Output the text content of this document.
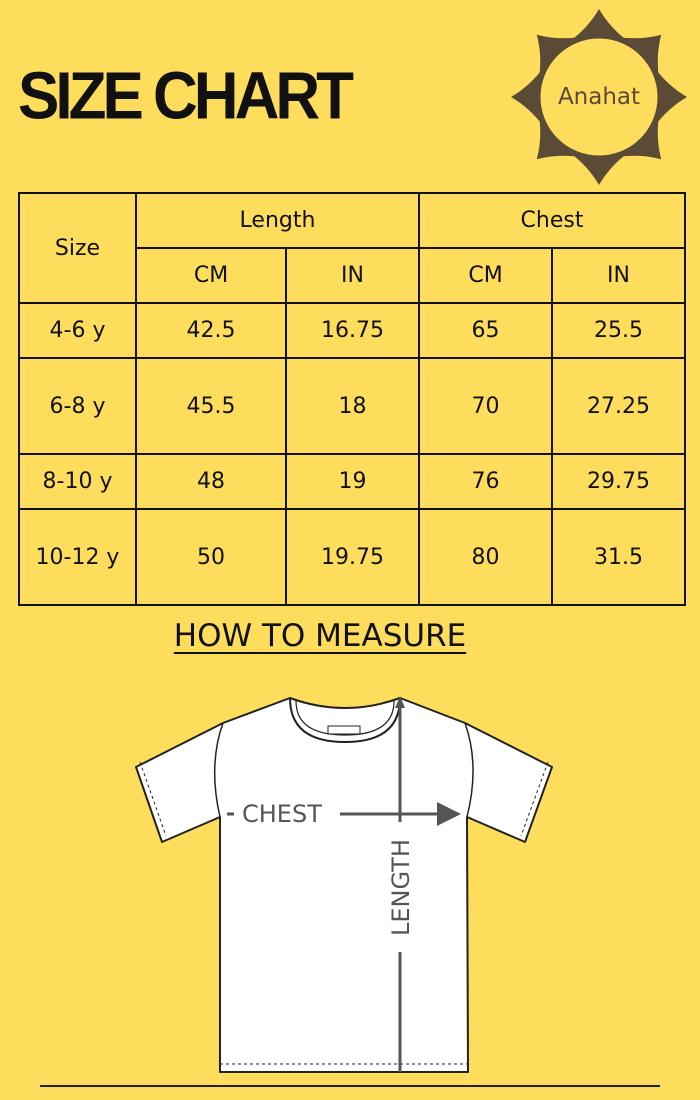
SIZE CHART	Anahat
Size	Length		Chest	
	CM	IN	CM	IN
4-6 y	42.5	16.75	65	25.5
6-8 y	45.5	18	70	27.25
8-10 y	48	19	76	29.75
10-12 y	50	19.75	80	31.5
HOW TO MEASURE
CHEST
LENGTH
